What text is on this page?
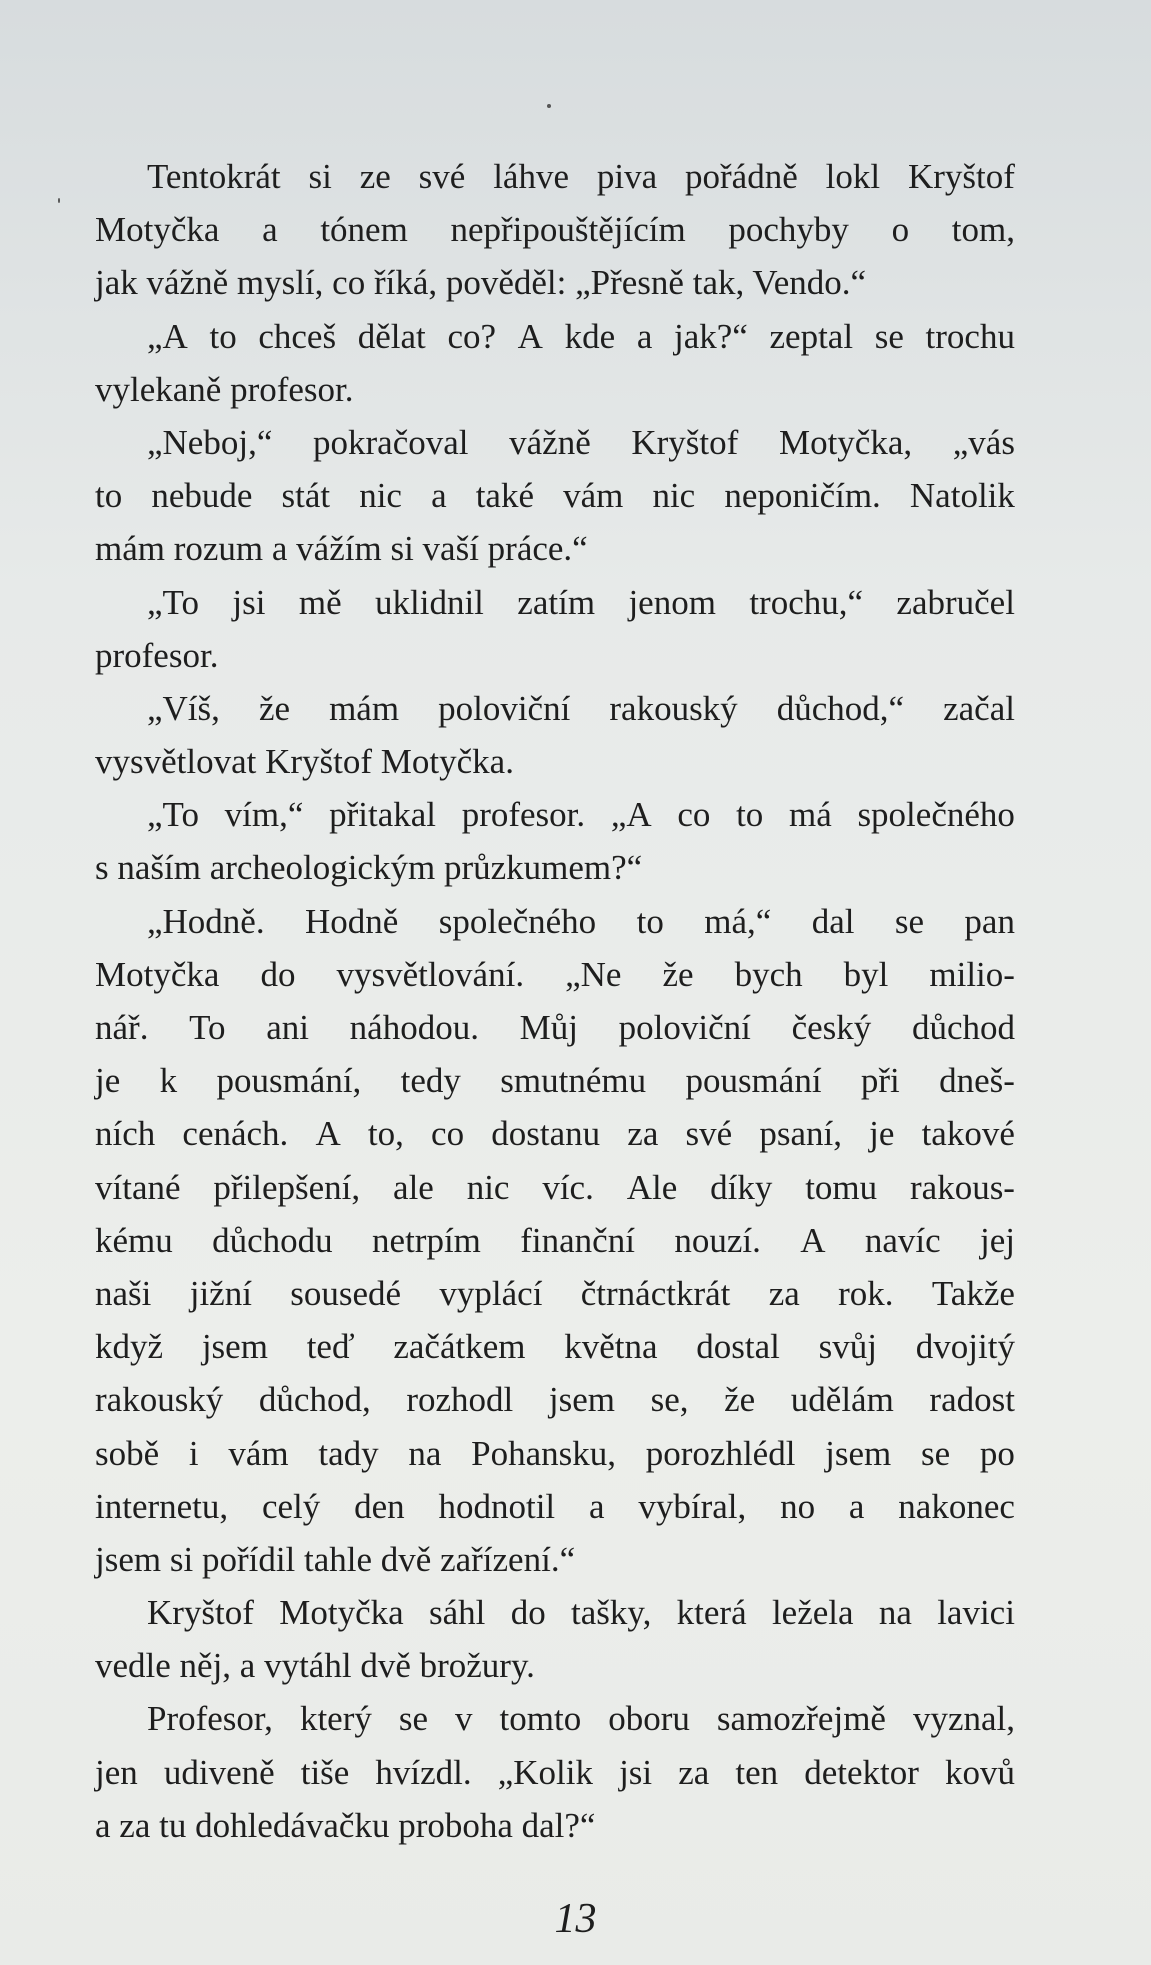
Tentokrát si ze své láhve piva pořádně lokl Kryštof
Motyčka a tónem nepřipouštějícím pochyby o tom,
jak vážně myslí, co říká, pověděl: „Přesně tak, Vendo.“
„A to chceš dělat co? A kde a jak?“ zeptal se trochu
vylekaně profesor.
„Neboj,“ pokračoval vážně Kryštof Motyčka, „vás
to nebude stát nic a také vám nic neponičím. Natolik
mám rozum a vážím si vaší práce.“
„To jsi mě uklidnil zatím jenom trochu,“ zabručel
profesor.
„Víš, že mám poloviční rakouský důchod,“ začal
vysvětlovat Kryštof Motyčka.
„To vím,“ přitakal profesor. „A co to má společného
s naším archeologickým průzkumem?“
„Hodně. Hodně společného to má,“ dal se pan
Motyčka do vysvětlování. „Ne že bych byl milio-
nář. To ani náhodou. Můj poloviční český důchod
je k pousmání, tedy smutnému pousmání při dneš-
ních cenách. A to, co dostanu za své psaní, je takové
vítané přilepšení, ale nic víc. Ale díky tomu rakous-
kému důchodu netrpím finanční nouzí. A navíc jej
naši jižní sousedé vyplácí čtrnáctkrát za rok. Takže
když jsem teď začátkem května dostal svůj dvojitý
rakouský důchod, rozhodl jsem se, že udělám radost
sobě i vám tady na Pohansku, porozhlédl jsem se po
internetu, celý den hodnotil a vybíral, no a nakonec
jsem si pořídil tahle dvě zařízení.“
Kryštof Motyčka sáhl do tašky, která ležela na lavici
vedle něj, a vytáhl dvě brožury.
Profesor, který se v tomto oboru samozřejmě vyznal,
jen udiveně tiše hvízdl. „Kolik jsi za ten detektor kovů
a za tu dohledávačku proboha dal?“
13
